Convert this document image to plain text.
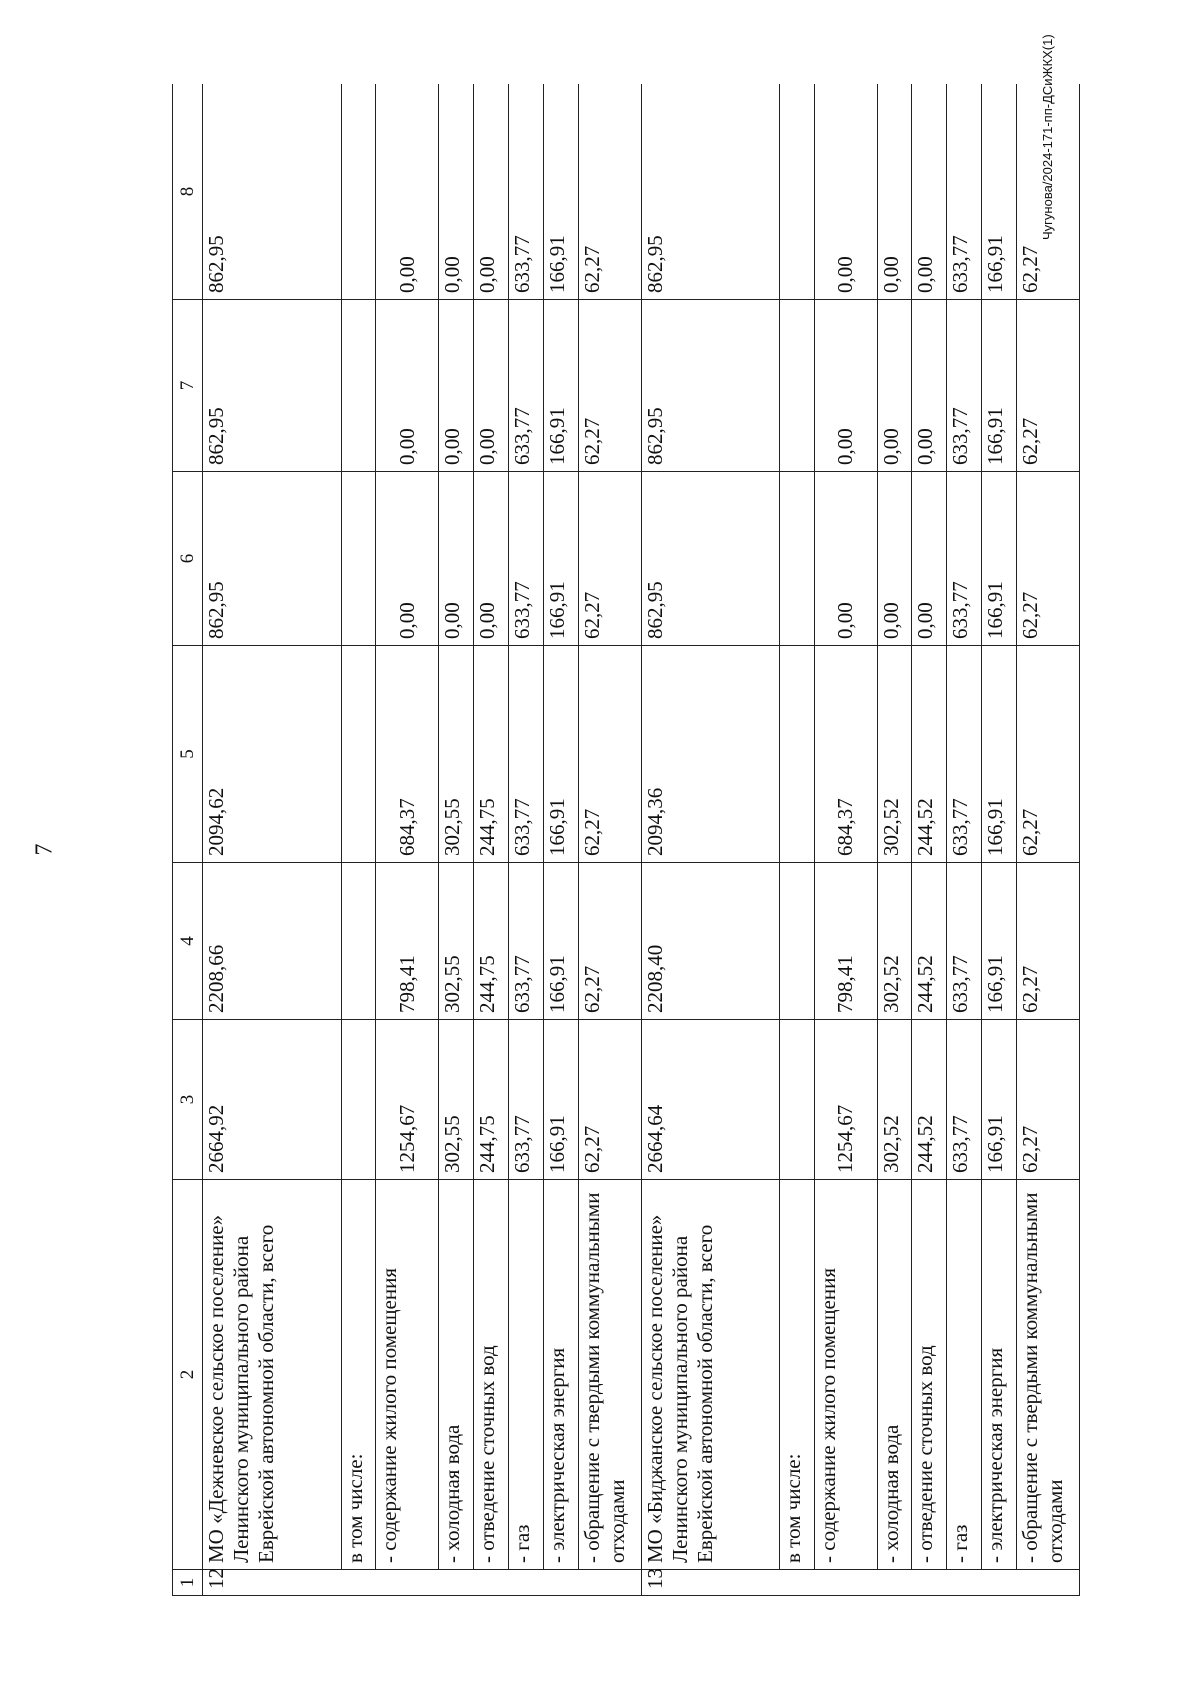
7
Чугунова/2024-171-пп-ДСиЖКХ(1)
1	2	3	4	5	6	7	8
12	МО «Дежневское сельское поселение» Ленинского муниципального района Еврейской автономной области, всего	2664,92	2208,66	2094,62	862,95	862,95	862,95
	в том числе:						
	- содержание жилого помещения	1254,67	798,41	684,37	0,00	0,00	0,00
	- холодная вода	302,55	302,55	302,55	0,00	0,00	0,00
	- отведение сточных вод	244,75	244,75	244,75	0,00	0,00	0,00
	- газ	633,77	633,77	633,77	633,77	633,77	633,77
	- электрическая энергия	166,91	166,91	166,91	166,91	166,91	166,91
	- обращение с твердыми коммунальными отходами	62,27	62,27	62,27	62,27	62,27	62,27
13	МО «Биджанское сельское поселение» Ленинского муниципального района Еврейской автономной области, всего	2664,64	2208,40	2094,36	862,95	862,95	862,95
	в том числе:						
	- содержание жилого помещения	1254,67	798,41	684,37	0,00	0,00	0,00
	- холодная вода	302,52	302,52	302,52	0,00	0,00	0,00
	- отведение сточных вод	244,52	244,52	244,52	0,00	0,00	0,00
	- газ	633,77	633,77	633,77	633,77	633,77	633,77
	- электрическая энергия	166,91	166,91	166,91	166,91	166,91	166,91
	- обращение с твердыми коммунальными отходами	62,27	62,27	62,27	62,27	62,27	62,27
